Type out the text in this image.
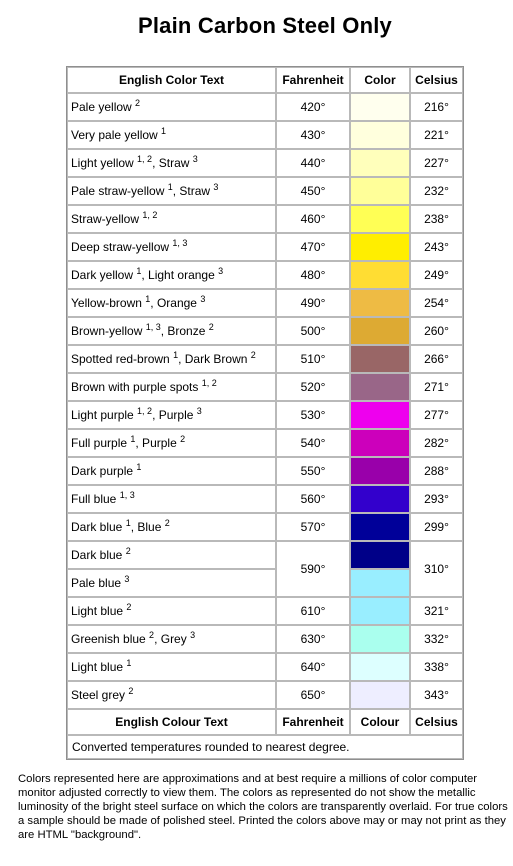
Plain Carbon Steel Only
English Color Text	Fahrenheit	Color	Celsius
Pale yellow $^2$	420°		216°
Very pale yellow $^1$	430°		221°
Light yellow $^{1, 2}$, Straw $^3$	440°		227°
Pale straw-yellow $^1$, Straw $^3$	450°		232°
Straw-yellow $^{1, 2}$	460°		238°
Deep straw-yellow $^{1, 3}$	470°		243°
Dark yellow $^1$, Light orange $^3$	480°		249°
Yellow-brown $^1$, Orange $^3$	490°		254°
Brown-yellow $^{1, 3}$, Bronze $^2$	500°		260°
Spotted red-brown $^1$, Dark Brown $^2$	510°		266°
Brown with purple spots $^{1, 2}$	520°		271°
Light purple $^{1, 2}$, Purple $^3$	530°		277°
Full purple $^1$, Purple $^2$	540°		282°
Dark purple $^1$	550°		288°
Full blue $^{1, 3}$	560°		293°
Dark blue $^1$, Blue $^2$	570°		299°
Dark blue $^2$	590°		310°
Pale blue $^3$	

Light blue $^2$	610°		321°
Greenish blue $^2$, Grey $^3$	630°		332°
Light blue $^1$	640°		338°
Steel grey $^2$	650°		343°
English Colour Text	Fahrenheit	Colour	Celsius
Converted temperatures rounded to nearest degree.			
Colors represented here are approximations and at best require a millions of color computer monitor adjusted correctly to view them. The colors as represented do not show the metallic luminosity of the bright steel surface on which the colors are transparently overlaid. For true colors a sample should be made of polished steel. Printed the colors above may or may not print as they are HTML "background".
